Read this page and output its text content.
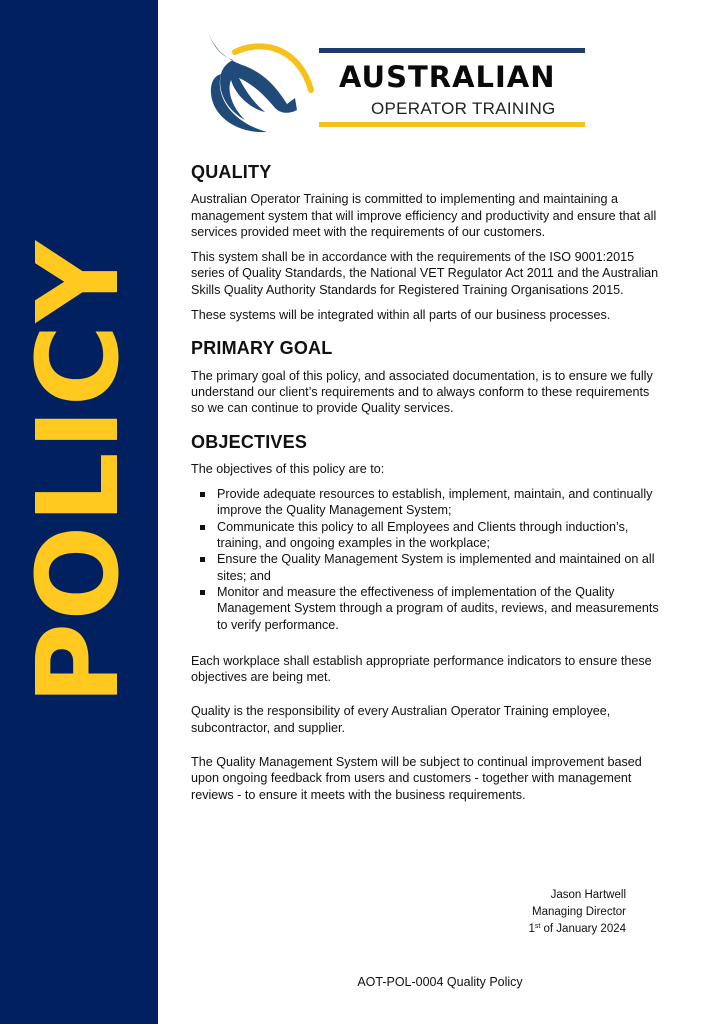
POLICY
AUSTRALIAN
OPERATOR TRAINING
QUALITY

Australian Operator Training is committed to implementing and maintaining a management system that will improve efficiency and productivity and ensure that all services provided meet with the requirements of our customers.

This system shall be in accordance with the requirements of the ISO 9001:2015 series of Quality Standards, the National VET Regulator Act 2011 and the Australian Skills Quality Authority Standards for Registered Training Organisations 2015.

These systems will be integrated within all parts of our business processes.

PRIMARY GOAL

The primary goal of this policy, and associated documentation, is to ensure we fully understand our client’s requirements and to always conform to these requirements so we can continue to provide Quality services.

OBJECTIVES

The objectives of this policy are to:

Provide adequate resources to establish, implement, maintain, and continually improve the Quality Management System;
Communicate this policy to all Employees and Clients through induction’s, training, and ongoing examples in the workplace;
Ensure the Quality Management System is implemented and maintained on all sites; and
Monitor and measure the effectiveness of implementation of the Quality Management System through a program of audits, reviews, and measurements to verify performance.

Each workplace shall establish appropriate performance indicators to ensure these objectives are being met.

Quality is the responsibility of every Australian Operator Training employee, subcontractor, and supplier.

The Quality Management System will be subject to continual improvement based upon ongoing feedback from users and customers - together with management reviews - to ensure it meets with the business requirements.

Jason Hartwell
Managing Director
1st of January 2024
AOT-POL-0004 Quality Policy
